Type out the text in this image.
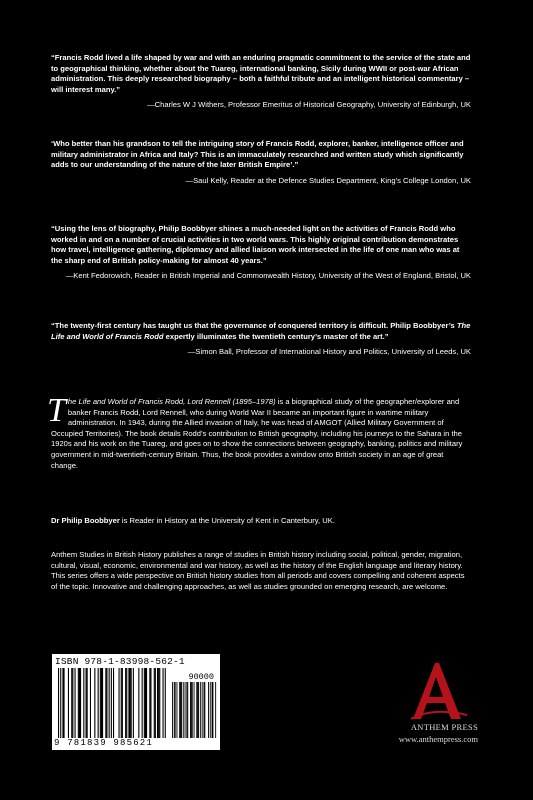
“Francis Rodd lived a life shaped by war and with an enduring pragmatic commitment to the service of the state and to geographical thinking, whether about the Tuareg, international banking, Sicily during WWII or post-war African administration. This deeply researched biography – both a faithful tribute and an intelligent historical commentary – will interest many.”

—Charles W J Withers, Professor Emeritus of Historical Geography, University of Edinburgh, UK

‘Who better than his grandson to tell the intriguing story of Francis Rodd, explorer, banker, intelligence officer and military administrator in Africa and Italy? This is an immaculately researched and written study which significantly adds to our understanding of the nature of the later British Empire’.”

—Saul Kelly, Reader at the Defence Studies Department, King’s College London, UK

“Using the lens of biography, Philip Boobbyer shines a much-needed light on the activities of Francis Rodd who worked in and on a number of crucial activities in two world wars. This highly original contribution demonstrates how travel, intelligence gathering, diplomacy and allied liaison work intersected in the life of one man who was at the sharp end of British policy-making for almost 40 years.”

—Kent Fedorowich, Reader in British Imperial and Commonwealth History, University of the West of England, Bristol, UK

“The twenty-first century has taught us that the governance of conquered territory is difficult. Philip Boobbyer’s The Life and World of Francis Rodd expertly illuminates the twentieth century’s master of the art.”

—Simon Ball, Professor of International History and Politics, University of Leeds, UK

The Life and World of Francis Rodd, Lord Rennell (1895–1978) is a biographical study of the geographer/explorer and banker Francis Rodd, Lord Rennell, who during World War II became an important figure in wartime military administration. In 1943, during the Allied invasion of Italy, he was head of AMGOT (Allied Military Government of Occupied Territories). The book details Rodd’s contribution to British geography, including his journeys to the Sahara in the 1920s and his work on the Tuareg, and goes on to show the connections between geography, banking, politics and military government in mid-twentieth-century Britain. Thus, the book provides a window onto British society in an age of great change.
Dr Philip Boobbyer is Reader in History at the University of Kent in Canterbury, UK.
Anthem Studies in British History publishes a range of studies in British history including social, political, gender, migration, cultural, visual, economic, environmental and war history, as well as the history of the English language and literary history. This series offers a wide perspective on British history studies from all periods and covers compelling and coherent aspects of the topic. Innovative and challenging approaches, as well as studies grounded on emerging research, are welcome.
ISBN 978-1-83998-562-1
90000
9 781839 985621
ANTHEM PRESS
www.anthempress.com
